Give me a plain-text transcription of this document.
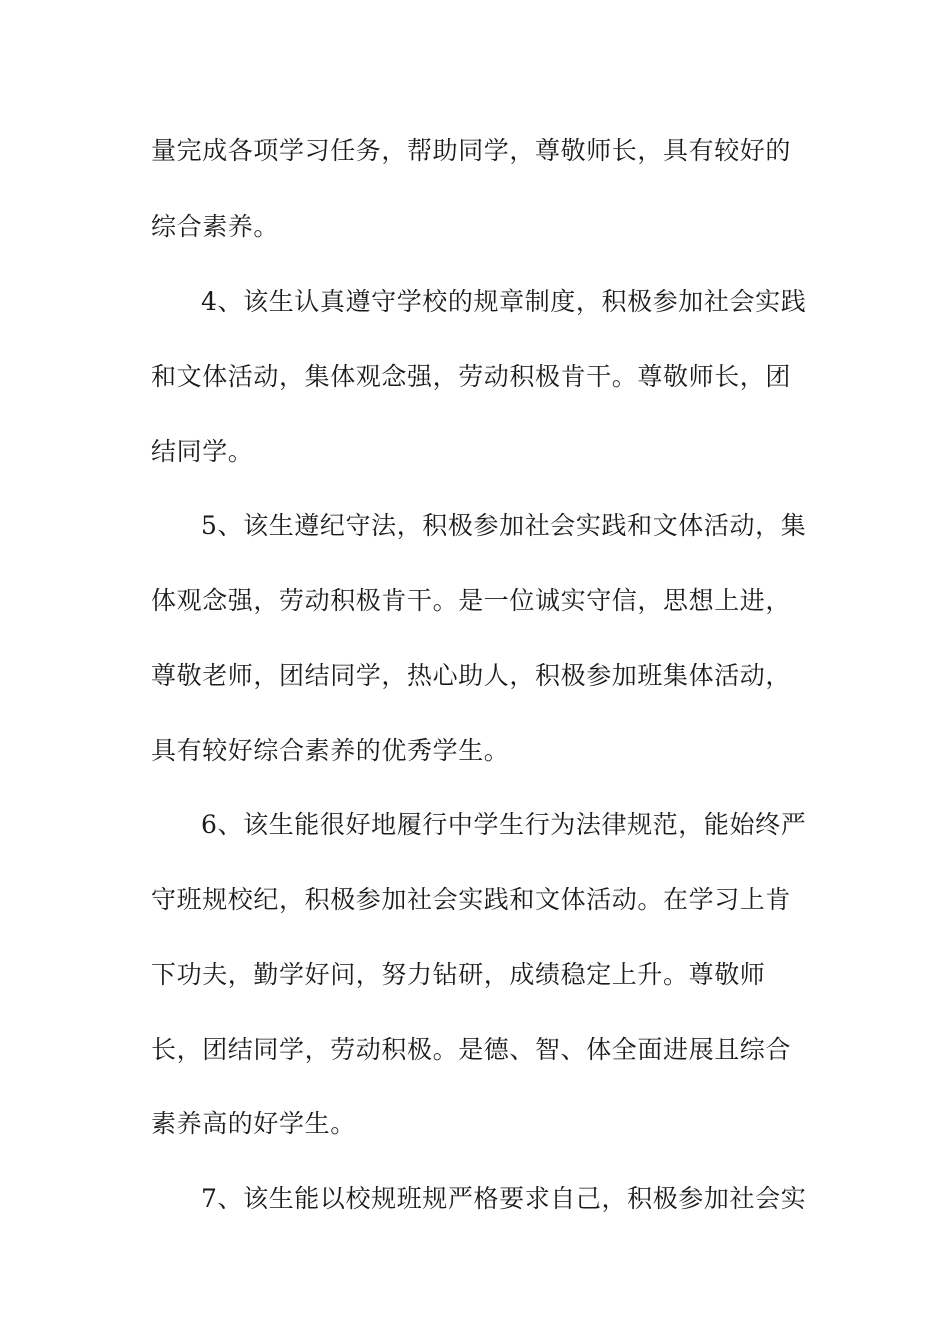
量完成各项学习任务，帮助同学，尊敬师长，具有较好的
综合素养。
4、该生认真遵守学校的规章制度，积极参加社会实践
和文体活动，集体观念强，劳动积极肯干。尊敬师长，团
结同学。
5、该生遵纪守法，积极参加社会实践和文体活动，集
体观念强，劳动积极肯干。是一位诚实守信，思想上进，
尊敬老师，团结同学，热心助人，积极参加班集体活动，
具有较好综合素养的优秀学生。
6、该生能很好地履行中学生行为法律规范，能始终严
守班规校纪，积极参加社会实践和文体活动。在学习上肯
下功夫，勤学好问，努力钻研，成绩稳定上升。尊敬师
长，团结同学，劳动积极。是德、智、体全面进展且综合
素养高的好学生。
7、该生能以校规班规严格要求自己，积极参加社会实
